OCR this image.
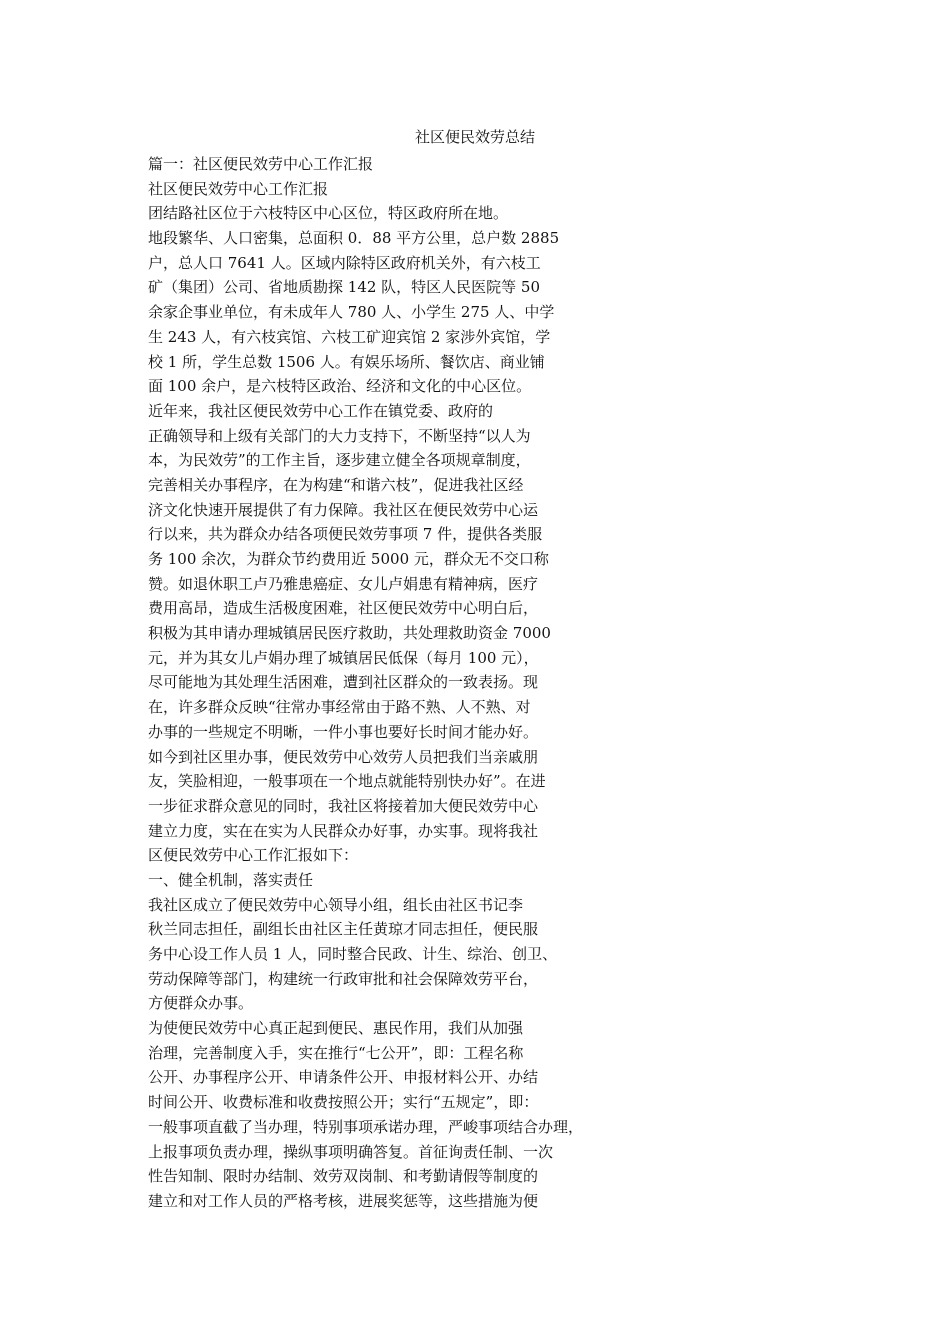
社区便民效劳总结
篇一：社区便民效劳中心工作汇报
社区便民效劳中心工作汇报
团结路社区位于六枝特区中心区位，特区政府所在地。
地段繁华、人口密集，总面积 0．88 平方公里，总户数 2885
户，总人口 7641 人。区域内除特区政府机关外，有六枝工
矿（集团）公司、省地质勘探 142 队，特区人民医院等 50
余家企事业单位，有未成年人 780 人、小学生 275 人、中学
生 243 人，有六枝宾馆、六枝工矿迎宾馆 2 家涉外宾馆，学
校 1 所，学生总数 1506 人。有娱乐场所、餐饮店、商业铺
面 100 余户，是六枝特区政治、经济和文化的中心区位。
近年来，我社区便民效劳中心工作在镇党委、政府的
正确领导和上级有关部门的大力支持下，不断坚持“以人为
本，为民效劳”的工作主旨，逐步建立健全各项规章制度，
完善相关办事程序，在为构建“和谐六枝”，促进我社区经
济文化快速开展提供了有力保障。我社区在便民效劳中心运
行以来，共为群众办结各项便民效劳事项 7 件，提供各类服
务 100 余次，为群众节约费用近 5000 元，群众无不交口称
赞。如退休职工卢乃雅患癌症、女儿卢娟患有精神病，医疗
费用高昂，造成生活极度困难，社区便民效劳中心明白后，
积极为其申请办理城镇居民医疗救助，共处理救助资金 7000
元，并为其女儿卢娟办理了城镇居民低保（每月 100 元），
尽可能地为其处理生活困难，遭到社区群众的一致表扬。现
在，许多群众反映“往常办事经常由于路不熟、人不熟、对
办事的一些规定不明晰，一件小事也要好长时间才能办好。
如今到社区里办事，便民效劳中心效劳人员把我们当亲戚朋
友，笑脸相迎，一般事项在一个地点就能特别快办好”。在进
一步征求群众意见的同时，我社区将接着加大便民效劳中心
建立力度，实在在实为人民群众办好事，办实事。现将我社
区便民效劳中心工作汇报如下：
一、健全机制，落实责任
我社区成立了便民效劳中心领导小组，组长由社区书记李
秋兰同志担任，副组长由社区主任黄琼才同志担任，便民服
务中心设工作人员 1 人，同时整合民政、计生、综治、创卫、
劳动保障等部门，构建统一行政审批和社会保障效劳平台，
方便群众办事。
为使便民效劳中心真正起到便民、惠民作用，我们从加强
治理，完善制度入手，实在推行“七公开”，即：工程名称
公开、办事程序公开、申请条件公开、申报材料公开、办结
时间公开、收费标准和收费按照公开；实行“五规定”，即：
一般事项直截了当办理，特别事项承诺办理，严峻事项结合办理，
上报事项负责办理，操纵事项明确答复。首征询责任制、一次
性告知制、限时办结制、效劳双岗制、和考勤请假等制度的
建立和对工作人员的严格考核，进展奖惩等，这些措施为便
